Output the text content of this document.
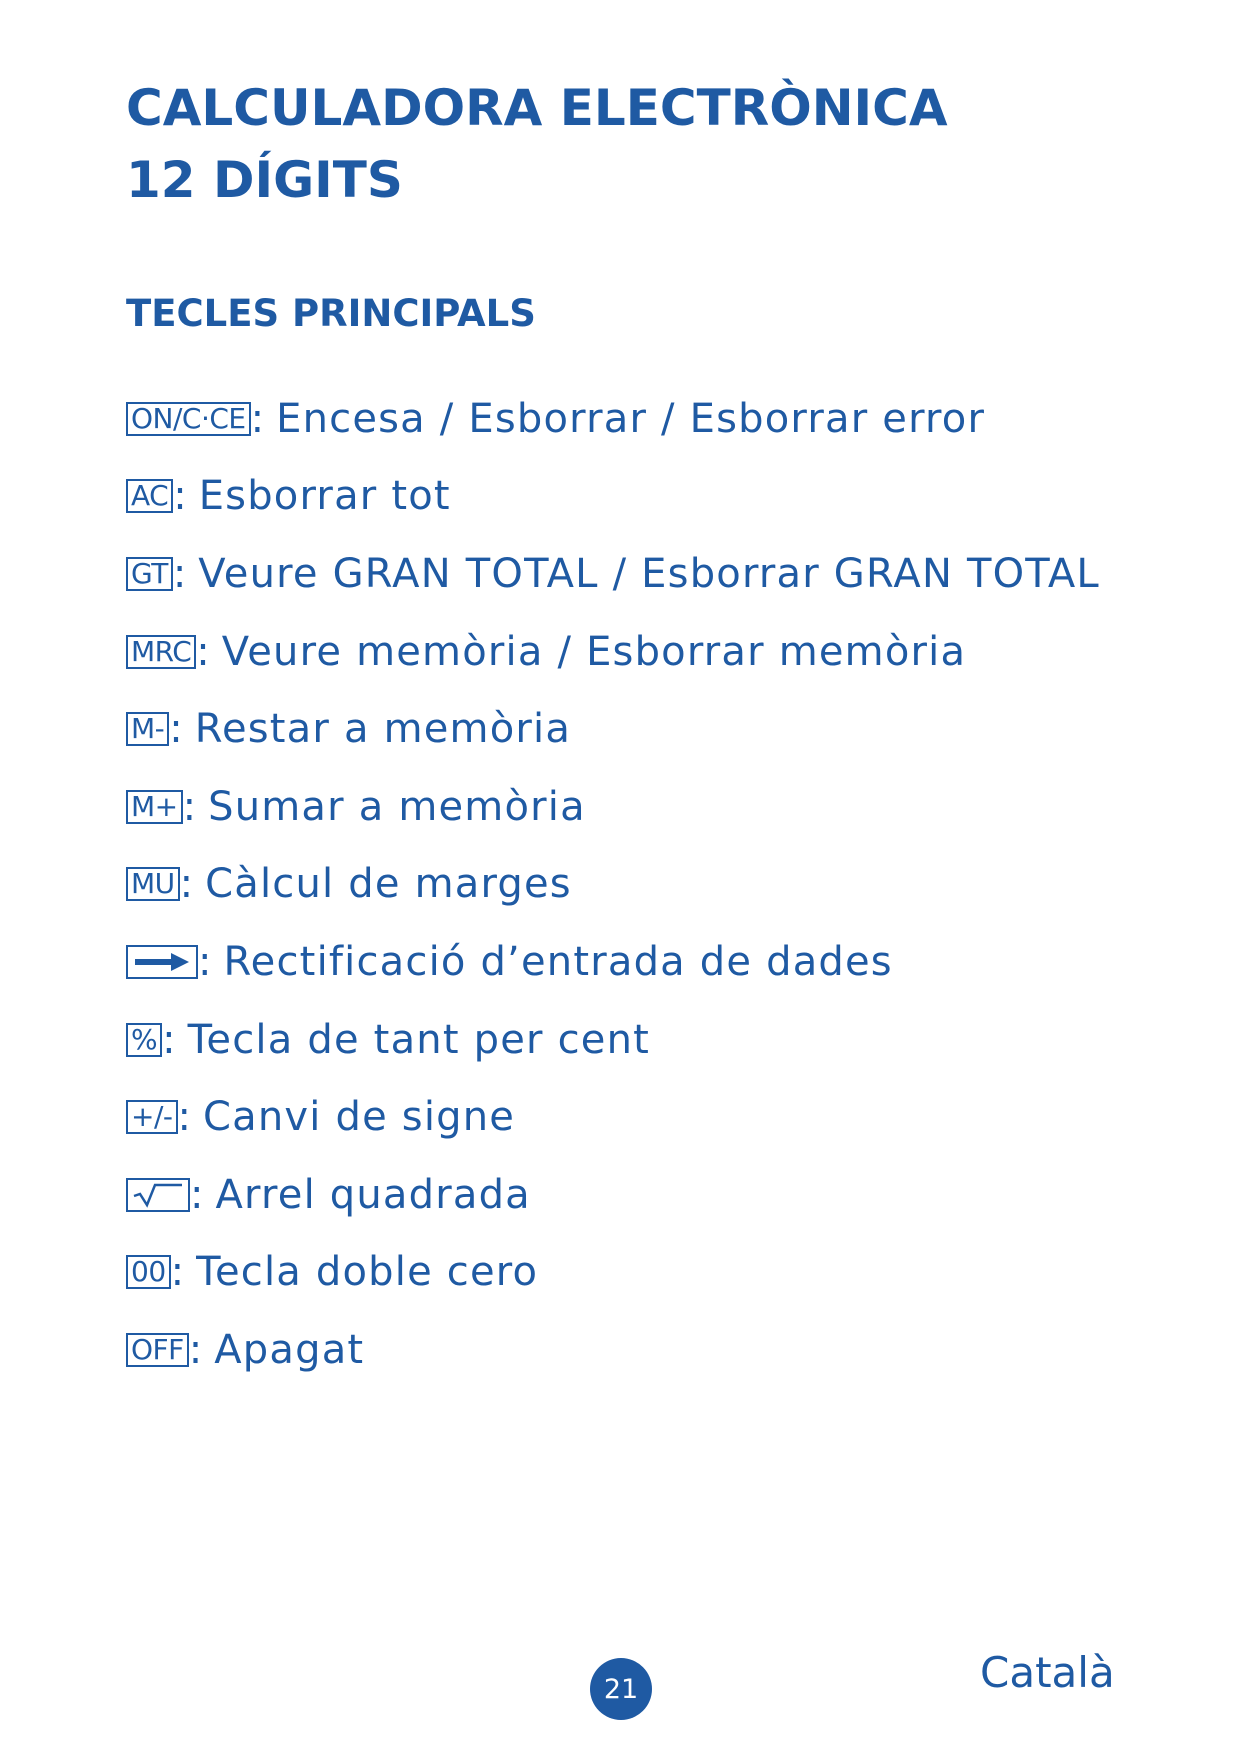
CALCULADORA ELECTRÒNICA
12 DÍGITS
TECLES PRINCIPALS
ON/C·CE : Encesa / Esborrar / Esborrar error
AC : Esborrar tot
GT : Veure GRAN TOTAL / Esborrar GRAN TOTAL
MRC : Veure memòria / Esborrar memòria
M- : Restar a memòria
M+ : Sumar a memòria
MU : Càlcul de marges
: Rectificació d’entrada de dades
% : Tecla de tant per cent
+/- : Canvi de signe
: Arrel quadrada
00 : Tecla doble cero
OFF : Apagat
21	Català
